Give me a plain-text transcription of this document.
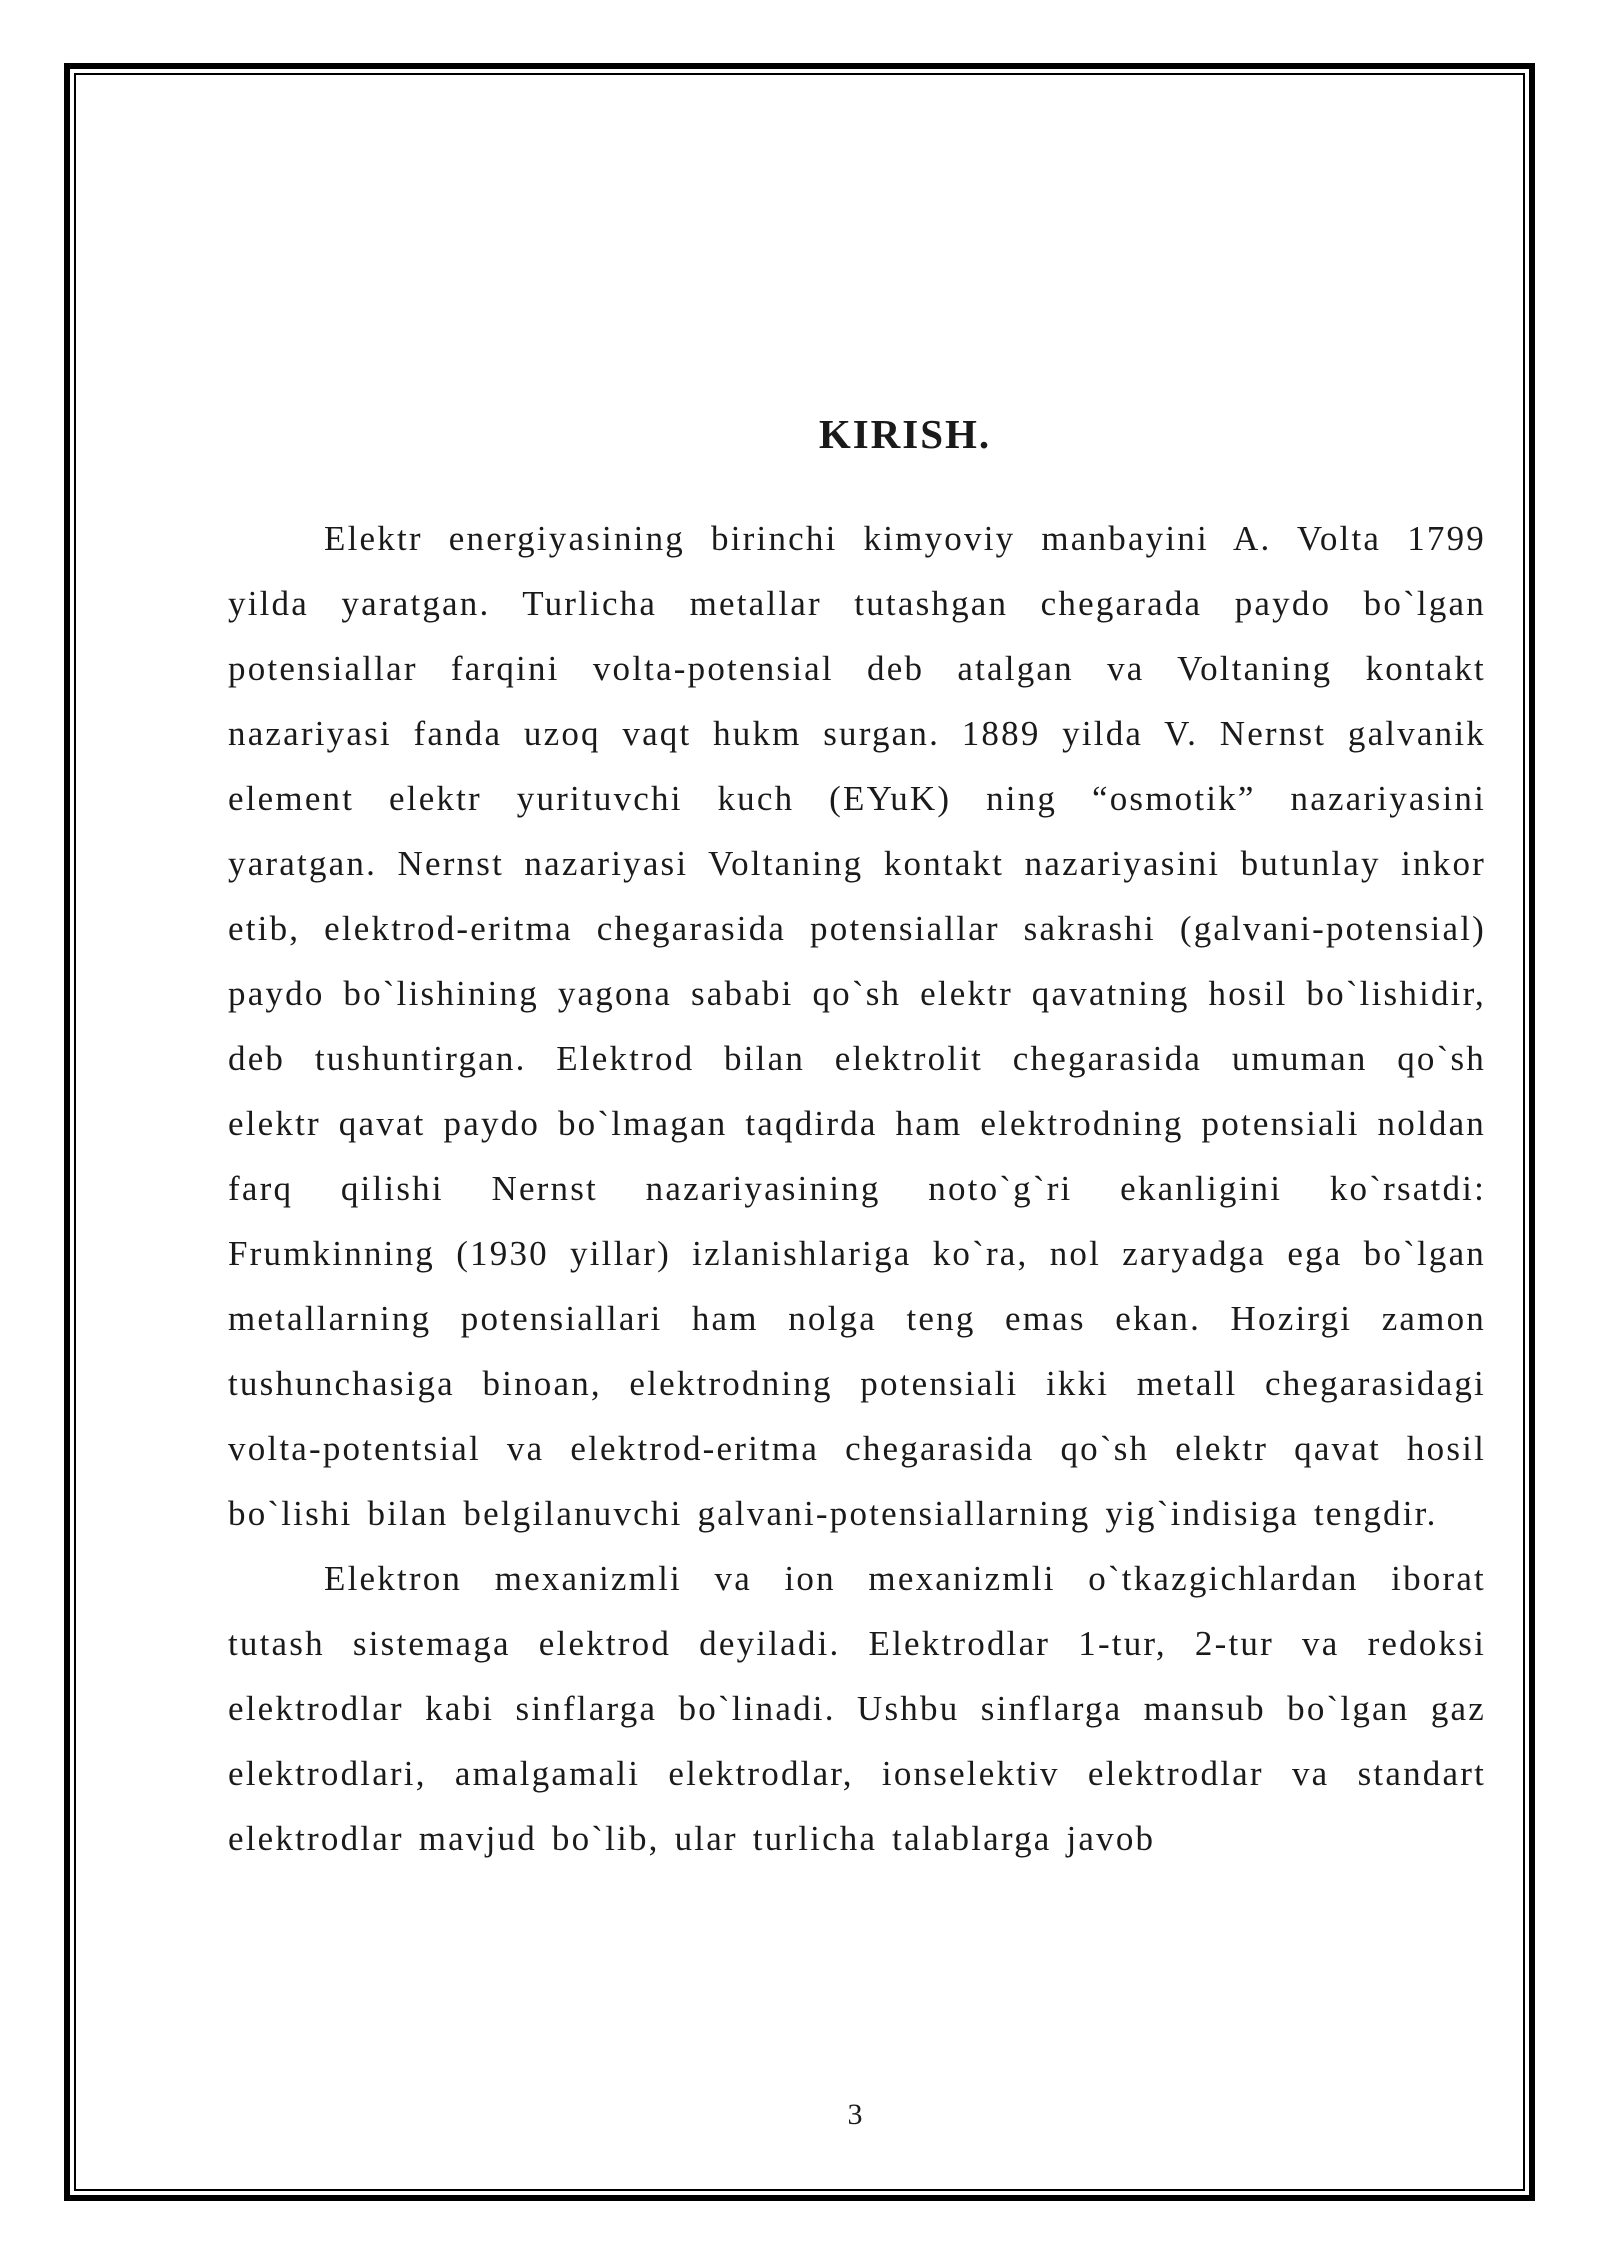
KIRISH.

Elektr energiyasining birinchi kimyoviy manbayini A. Volta 1799 yilda yaratgan. Turlicha metallar tutashgan chegarada paydo bo`lgan potensiallar farqini volta-potensial deb atalgan va Voltaning kontakt nazariyasi fanda uzoq vaqt hukm surgan. 1889 yilda V. Nernst galvanik element elektr yurituvchi kuch (EYuK) ning “osmotik” nazariyasini yaratgan. Nernst nazariyasi Voltaning kontakt nazariyasini butunlay inkor etib, elektrod-eritma chegarasida potensiallar sakrashi (galvani-potensial) paydo bo`lishining yagona sababi qo`sh elektr qavatning hosil bo`lishidir, deb tushuntirgan. Elektrod bilan elektrolit chegarasida umuman qo`sh elektr qavat paydo bo`lmagan taqdirda ham elektrodning potensiali noldan farq qilishi Nernst nazariyasining noto`g`ri ekanligini ko`rsatdi: Frumkinning (1930 yillar) izlanishlariga ko`ra, nol zaryadga ega bo`lgan metallarning potensiallari ham nolga teng emas ekan. Hozirgi zamon tushunchasiga binoan, elektrodning potensiali ikki metall chegarasidagi volta-potentsial va elektrod-eritma chegarasida qo`sh elektr qavat hosil bo`lishi bilan belgilanuvchi galvani-potensiallarning yig`indisiga tengdir.

Elektron mexanizmli va ion mexanizmli o`tkazgichlardan iborat tutash sistemaga elektrod deyiladi. Elektrodlar 1-tur, 2-tur va redoksi elektrodlar kabi sinflarga bo`linadi. Ushbu sinflarga mansub bo`lgan gaz elektrodlari, amalgamali elektrodlar, ionselektiv elektrodlar va standart elektrodlar mavjud bo`lib, ular turlicha talablarga javob

3
